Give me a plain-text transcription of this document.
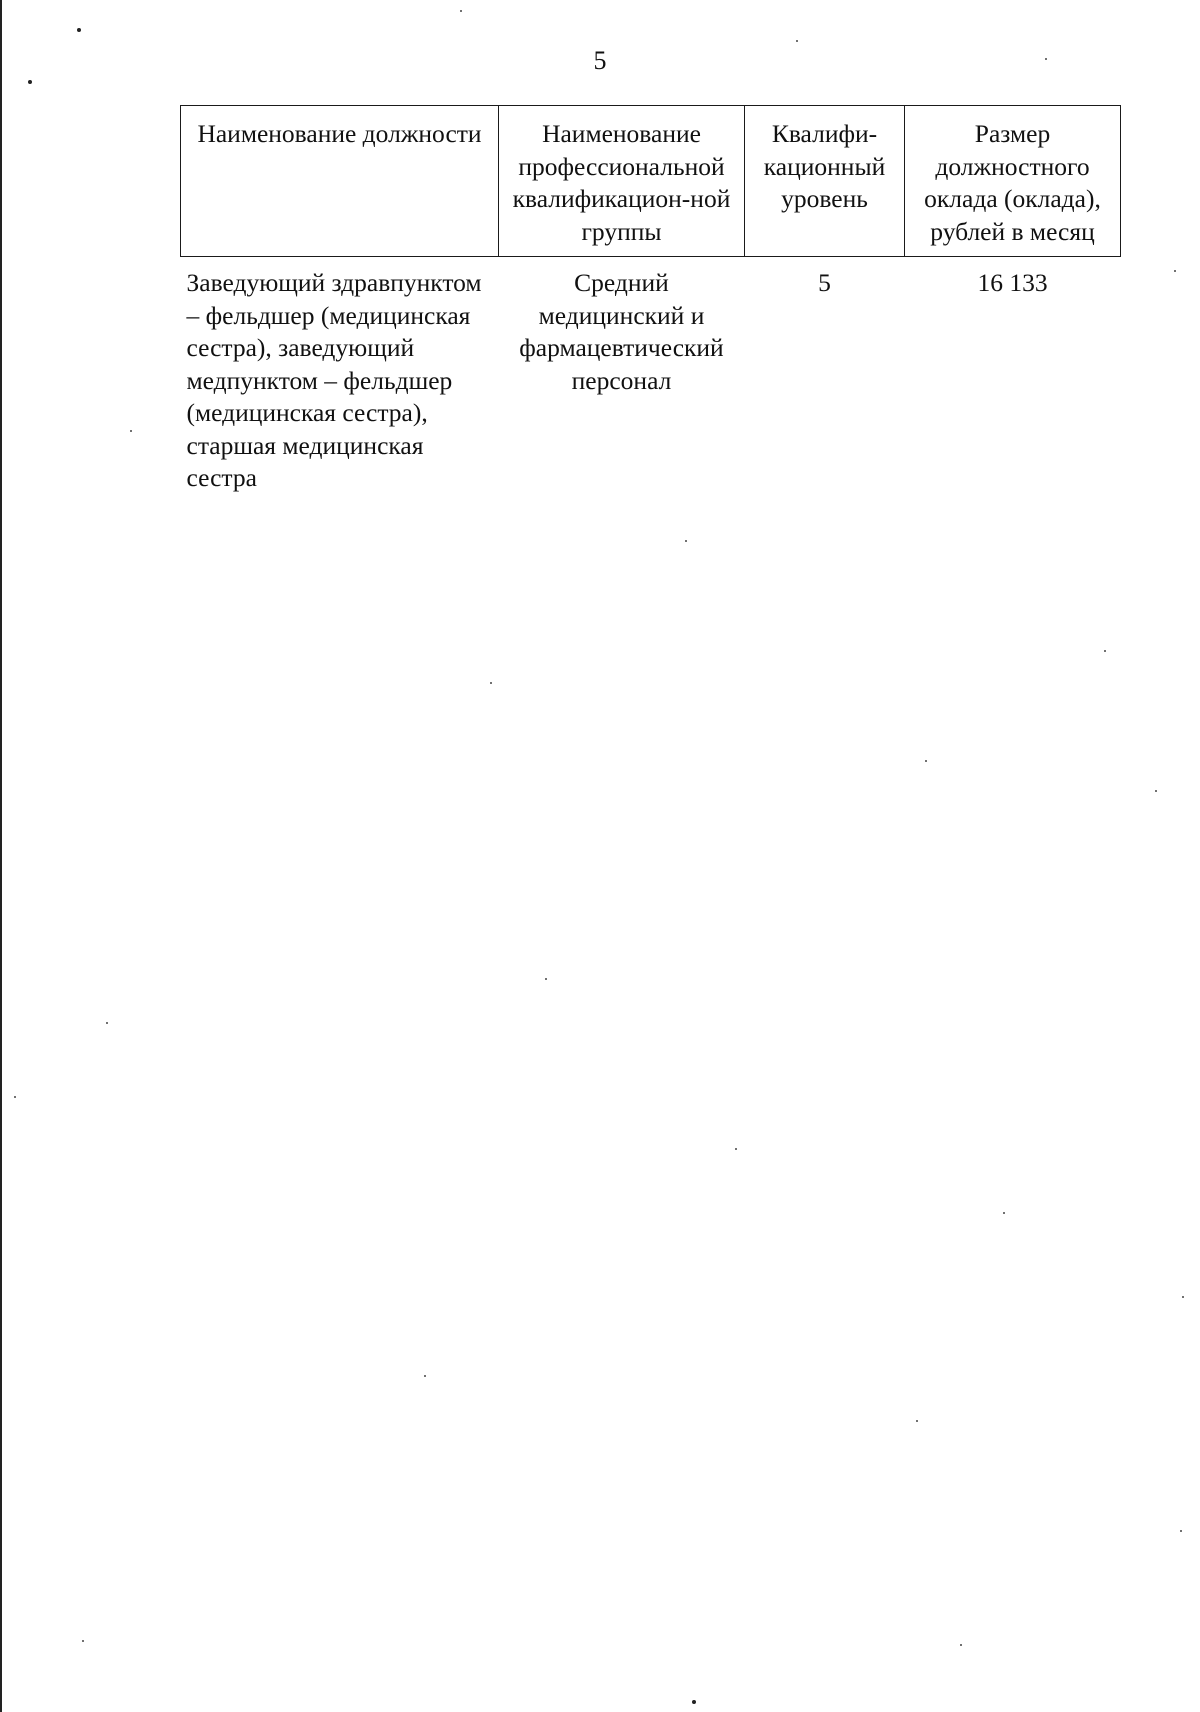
5
Наименование должности	Наименование профессиональной квалификацион-ной группы	Квалифи-кационный уровень	Размер должностного оклада (оклада), рублей в месяц
Заведующий здравпунктом – фельдшер (медицинская сестра), заведующий медпунктом – фельдшер (медицинская сестра), старшая медицинская сестра	Средний медицинский и фармацевтический персонал	5	16 133
